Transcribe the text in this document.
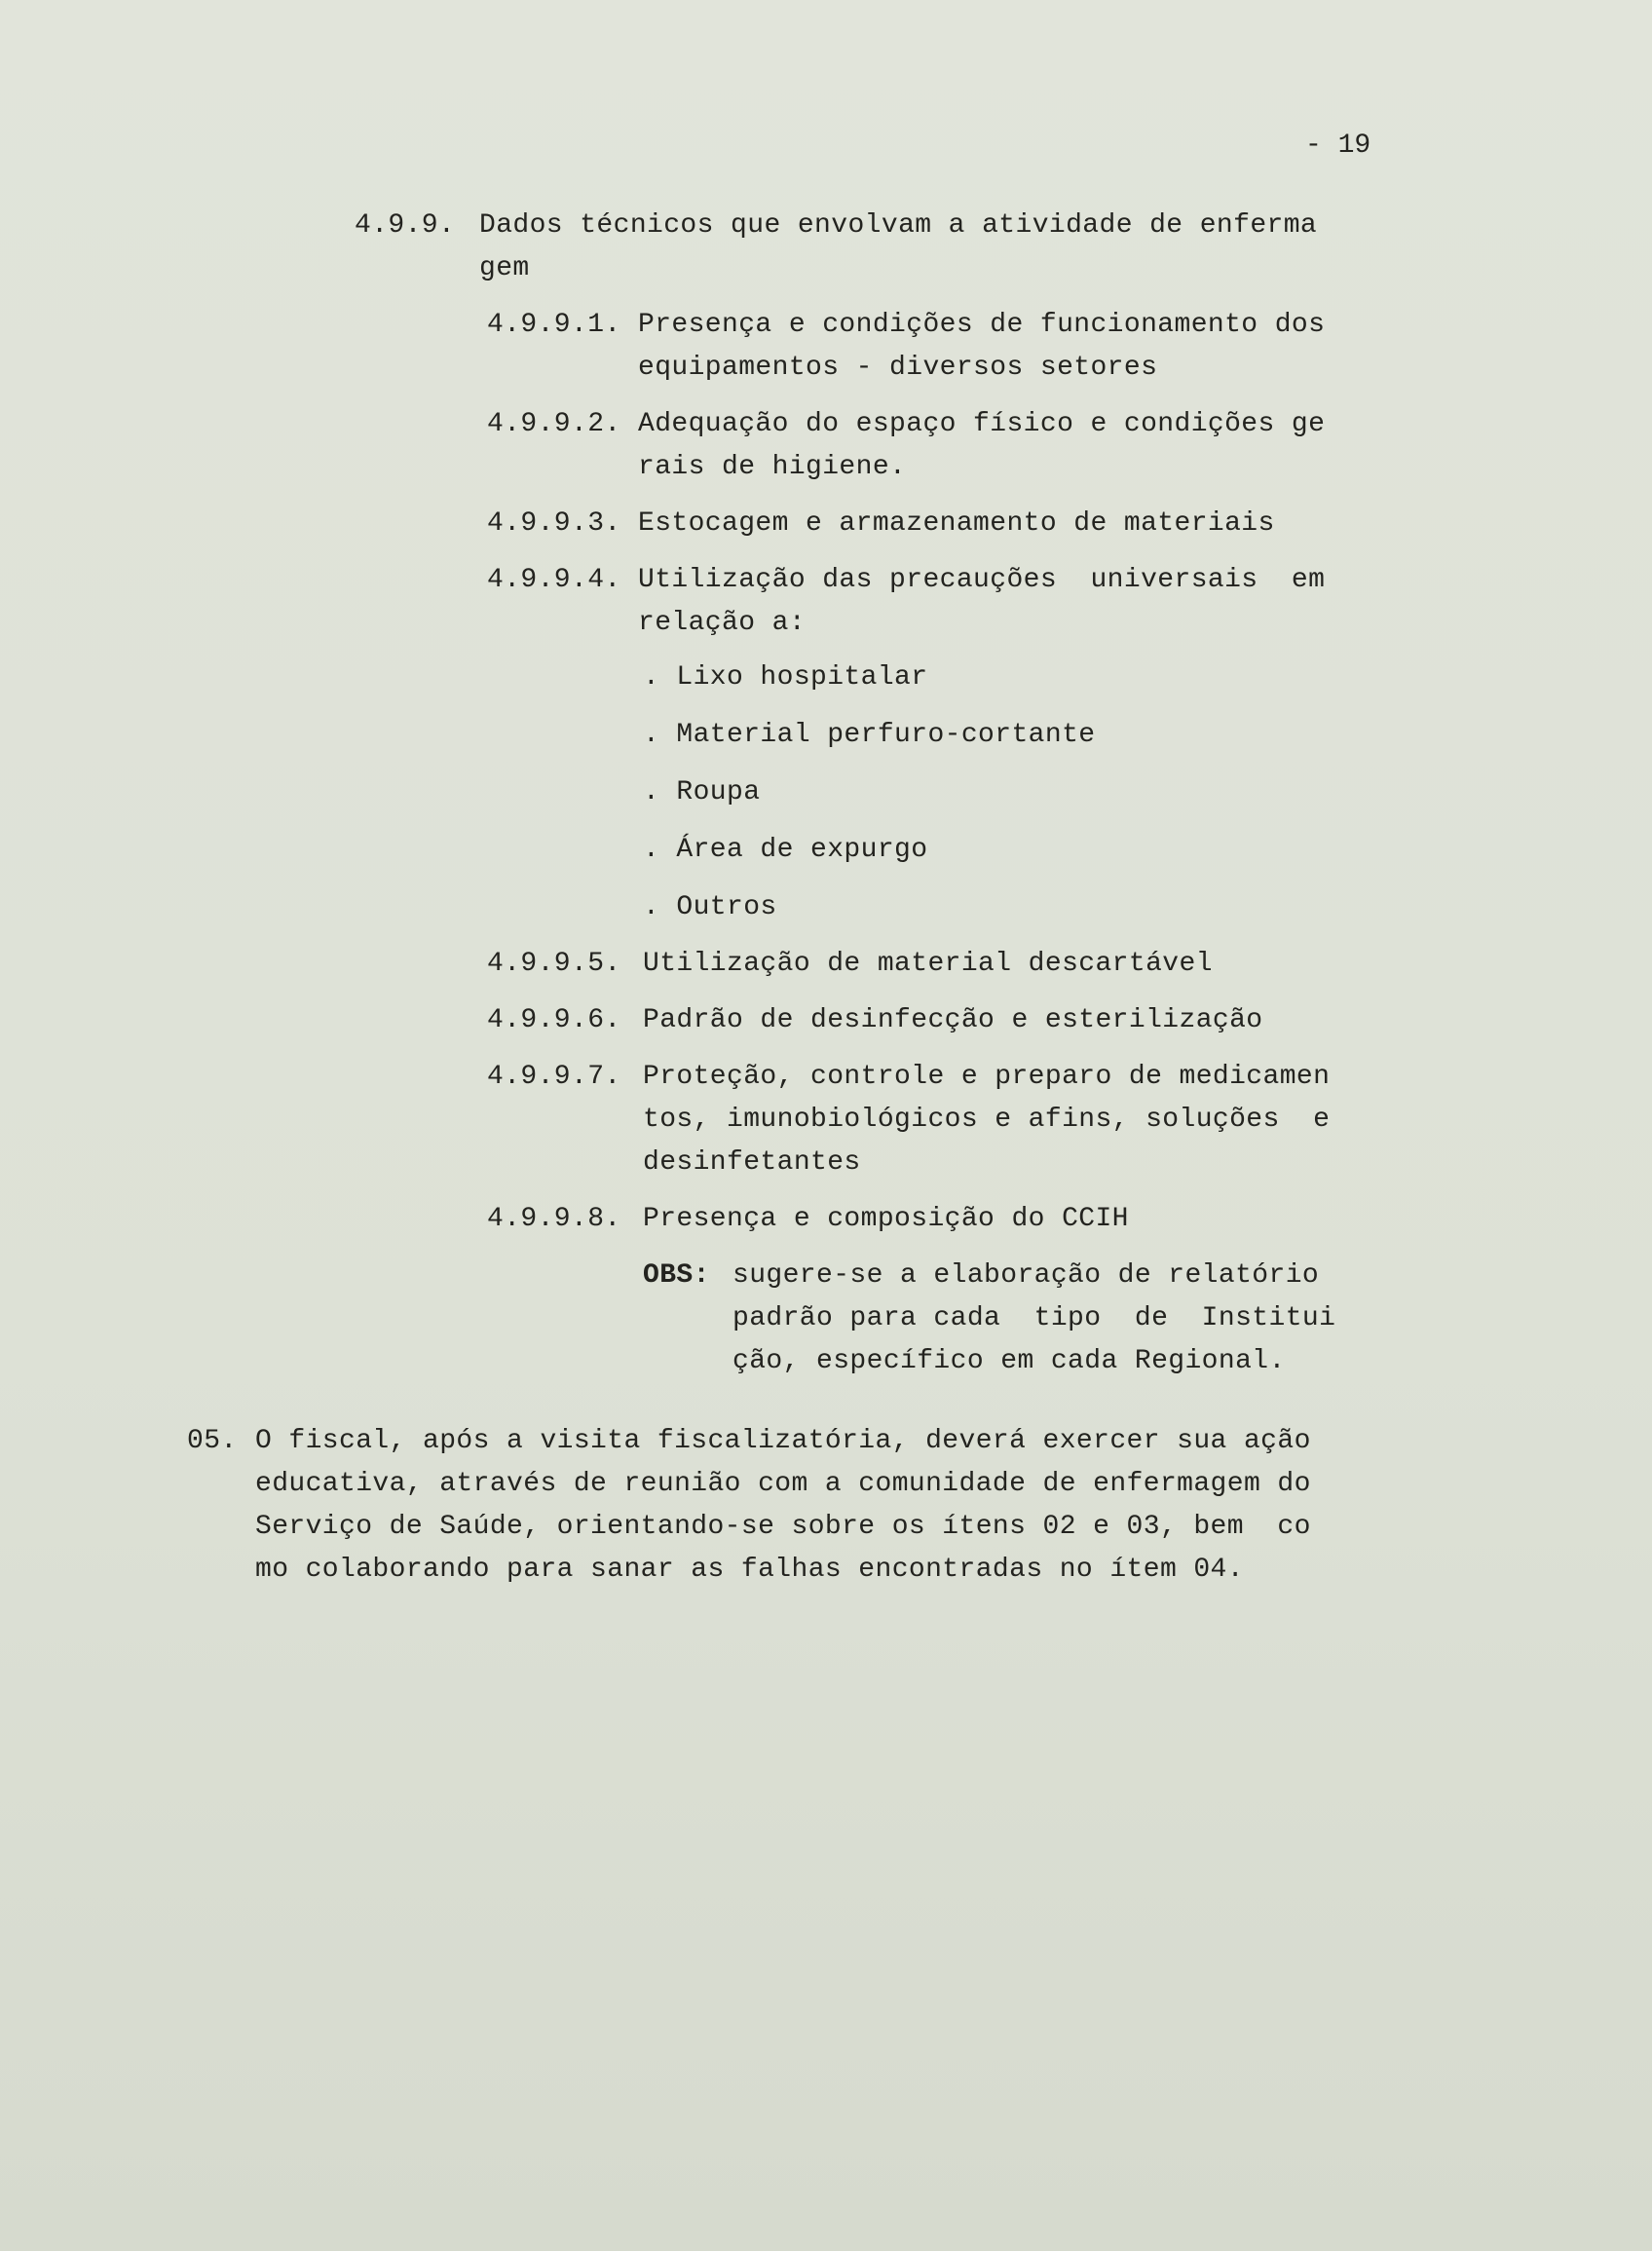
- 19
4.9.9. Dados técnicos que envolvam a atividade de enferma
gem
4.9.9.1. Presença e condições de funcionamento dos
equipamentos - diversos setores
4.9.9.2. Adequação do espaço físico e condições ge
rais de higiene.
4.9.9.3. Estocagem e armazenamento de materiais
4.9.9.4. Utilização das precauções  universais  em
relação a:
. Lixo hospitalar
. Material perfuro-cortante
. Roupa
. Área de expurgo
. Outros
4.9.9.5. Utilização de material descartável
4.9.9.6. Padrão de desinfecção e esterilização
4.9.9.7. Proteção, controle e preparo de medicamen
tos, imunobiológicos e afins, soluções  e
desinfetantes
4.9.9.8. Presença e composição do CCIH
OBS: sugere-se a elaboração de relatório
padrão para cada  tipo  de  Institui
ção, específico em cada Regional.
05. O fiscal, após a visita fiscalizatória, deverá exercer sua ação
educativa, através de reunião com a comunidade de enfermagem do
Serviço de Saúde, orientando-se sobre os ítens 02 e 03, bem  co
mo colaborando para sanar as falhas encontradas no ítem 04.
